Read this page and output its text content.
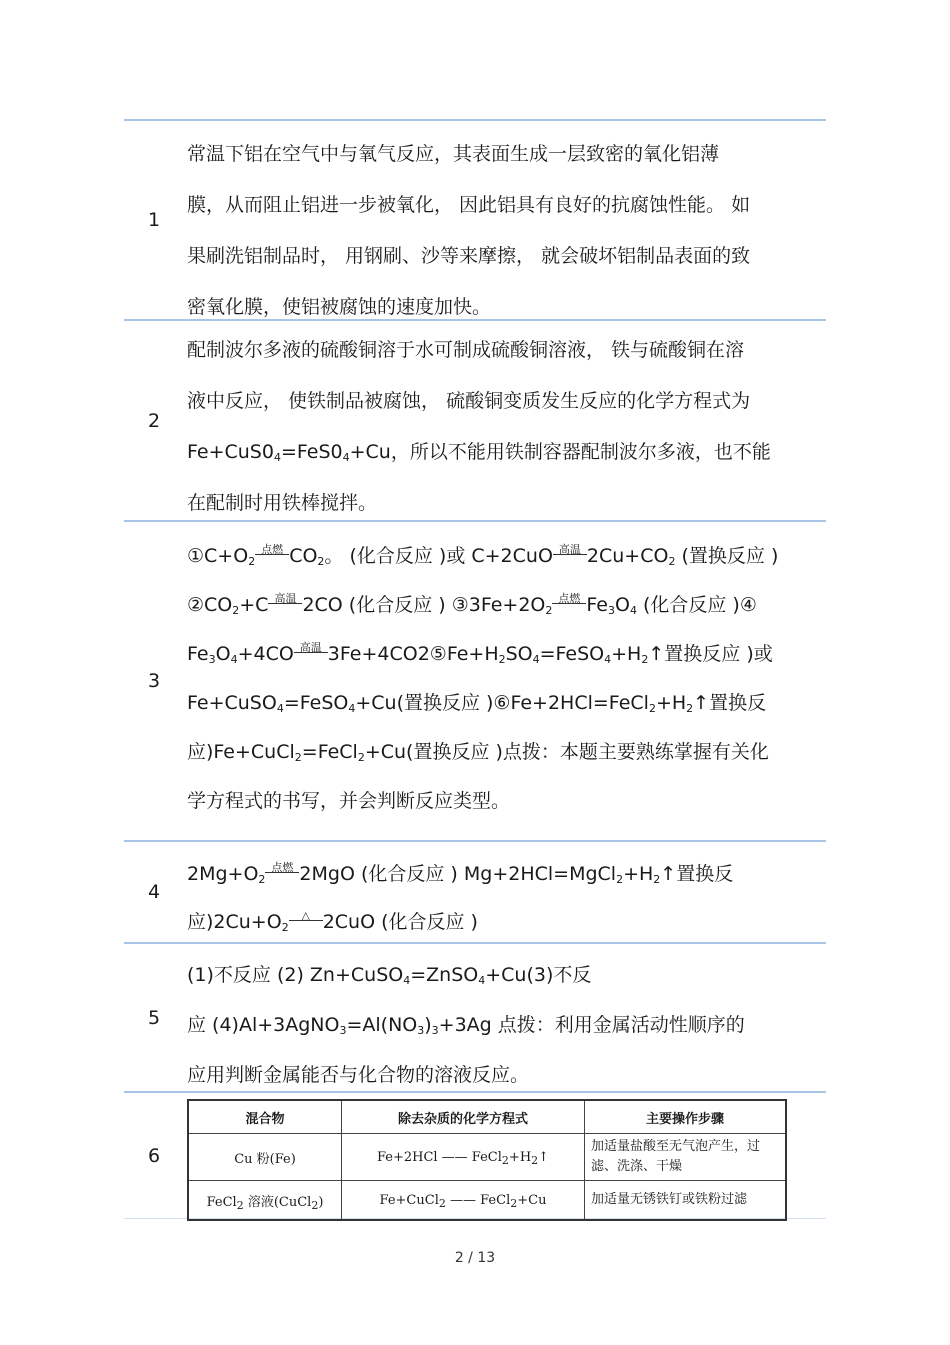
1
常温下铝在空气中与氧气反应，其表面生成一层致密的氧化铝薄
膜，从而阻止铝进一步被氧化， 因此铝具有良好的抗腐蚀性能。 如
果刷洗铝制品时， 用钢刷、沙等来摩擦， 就会破坏铝制品表面的致
密氧化膜，使铝被腐蚀的速度加快。
2
配制波尔多液的硫酸铜溶于水可制成硫酸铜溶液， 铁与硫酸铜在溶
液中反应， 使铁制品被腐蚀， 硫酸铜变质发生反应的化学方程式为
$Fe+CuS0_4=FeS0_4+Cu$，所以不能用铁制容器配制波尔多液，也不能
在配制时用铁棒搅拌。
3
$①C+O_2$
点燃 $CO_2$。 (化合反应 )或 C+2CuO 高温 $2Cu+CO_2$ (置换反应 )
$②CO_2+C$ 高温 2CO (化合反应 ) $③3Fe+2O_2$
点燃 $Fe_3O_4$ (化合反应 )④
$Fe_3O_4+4CO$ 高温 $3Fe+4CO2⑤Fe+H_2SO_4=FeSO_4+H_2↑$置换反应 )或
Fe+CuSO$_4$=FeSO$_4$+Cu(置换反应 )$⑥Fe+2HCl=FeCl_2+H_2↑$置换反
应)Fe+CuCl$_2$=FeCl$_2$+Cu(置换反应 )点拨：本题主要熟练掌握有关化
学方程式的书写，并会判断反应类型。
4
$2Mg+O_2$
点燃 2MgO (化合反应 ) $Mg+2HCl=MgCl_2+H_2↑$置换反
应)$2Cu+O_2$
△ 2CuO (化合反应 )
5
(1)不反应 (2) Zn+CuSO$_4$=ZnSO$_4$+Cu(3)不反
应 $(4)Al+3AgNO_3=Al(NO_3)_3+3Ag$ 点拨：利用金属活动性顺序的
应用判断金属能否与化合物的溶液反应。
6
混合物	除去杂质的化学方程式	主要操作步骤
Cu 粉(Fe)	Fe+2HCl —— $FeCl_2+H_2↑$	加适量盐酸至无气泡产生，过滤、洗涤、干燥
FeCl$_2$ 溶液(CuCl$_2$)	Fe+CuCl$_2$ —— FeCl$_2$+Cu	加适量无锈铁钉或铁粉过滤
2 / 13
